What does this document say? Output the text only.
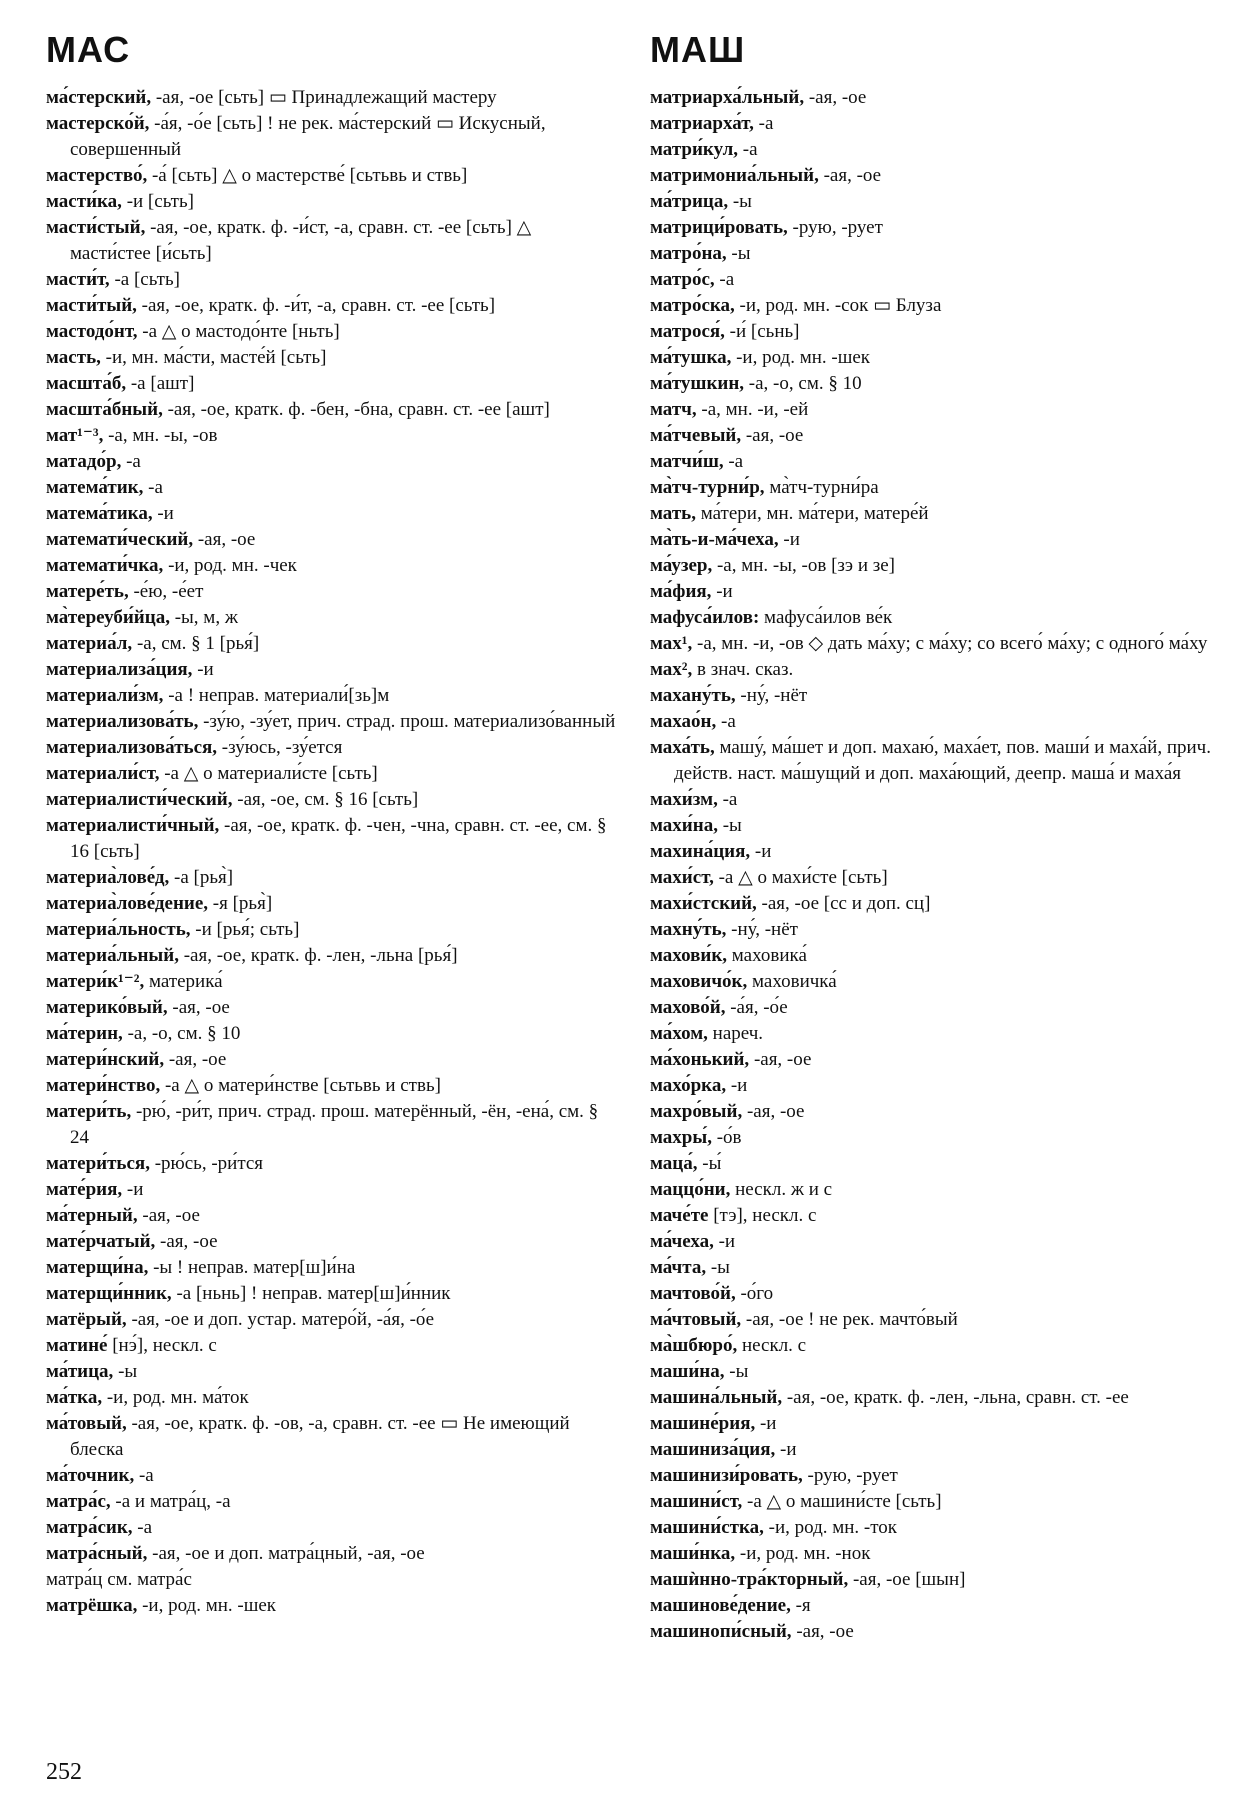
МАС

ма́стерский, -ая, -ое [сьть] ▭ Принадлежащий мастеру

мастерско́й, -а́я, -о́е [сьть] ! не рек. ма́стерский ▭ Искусный, совершенный

мастерство́, -а́ [сьть] △ о мастерстве́ [сьтьвь и ствь]

масти́ка, -и [сьть]

масти́стый, -ая, -ое, кратк. ф. -и́ст, -а, сравн. ст. -ее [сьть] △ масти́стее [и́сьть]

масти́т, -а [сьть]

масти́тый, -ая, -ое, кратк. ф. -и́т, -а, сравн. ст. -ее [сьть]

мастодо́нт, -а △ о мастодо́нте [ньть]

масть, -и, мн. ма́сти, масте́й [сьть]

масшта́б, -а [ашт]

масшта́бный, -ая, -ое, кратк. ф. -бен, -бна, сравн. ст. -ее [ашт]

мат¹⁻³, -а, мн. -ы, -ов

матадо́р, -а

матема́тик, -а

матема́тика, -и

математи́ческий, -ая, -ое

математи́чка, -и, род. мн. -чек

матере́ть, -е́ю, -е́ет

ма̀тереуби́йца, -ы, м, ж

материа́л, -а, см. § 1 [рья́]

материализа́ция, -и

материали́зм, -а ! неправ. материали́[зь]м

материализова́ть, -зу́ю, -зу́ет, прич. страд. прош. материализо́ванный

материализова́ться, -зу́юсь, -зу́ется

материали́ст, -а △ о материали́сте [сьть]

материалисти́ческий, -ая, -ое, см. § 16 [сьть]

материалисти́чный, -ая, -ое, кратк. ф. -чен, -чна, сравн. ст. -ее, см. § 16 [сьть]

материа̀лове́д, -а [рья̀]

материа̀лове́дение, -я [рья̀]

материа́льность, -и [рья́; сьть]

материа́льный, -ая, -ое, кратк. ф. -лен, -льна [рья́]

матери́к¹⁻², материка́

материко́вый, -ая, -ое

ма́терин, -а, -о, см. § 10

матери́нский, -ая, -ое

матери́нство, -а △ о матери́нстве [сьтьвь и ствь]

матери́ть, -рю́, -ри́т, прич. страд. прош. матерённый, -ён, -ена́, см. § 24

матери́ться, -рю́сь, -ри́тся

мате́рия, -и

ма́терный, -ая, -ое

мате́рчатый, -ая, -ое

матерщи́на, -ы ! неправ. матер[ш]и́на

матерщи́нник, -а [ньнь] ! неправ. матер[ш]и́нник

матёрый, -ая, -ое и доп. устар. матеро́й, -а́я, -о́е

матине́ [нэ́], нескл. с

ма́тица, -ы

ма́тка, -и, род. мн. ма́ток

ма́товый, -ая, -ое, кратк. ф. -ов, -а, сравн. ст. -ее ▭ Не имеющий блеска

ма́точник, -а

матра́с, -а и матра́ц, -а

матра́сик, -а

матра́сный, -ая, -ое и доп. матра́цный, -ая, -ое

матра́ц см. матра́с

матрёшка, -и, род. мн. -шек

МАШ

матриарха́льный, -ая, -ое

матриарха́т, -а

матри́кул, -а

матримониа́льный, -ая, -ое

ма́трица, -ы

матрици́ровать, -рую, -рует

матро́на, -ы

матро́с, -а

матро́ска, -и, род. мн. -сок ▭ Блуза

матрося́, -и́ [сьнь]

ма́тушка, -и, род. мн. -шек

ма́тушкин, -а, -о, см. § 10

матч, -а, мн. -и, -ей

ма́тчевый, -ая, -ое

матчи́ш, -а

ма̀тч-турни́р, ма̀тч-турни́ра

мать, ма́тери, мн. ма́тери, матере́й

ма̀ть-и-ма́чеха, -и

ма́узер, -а, мн. -ы, -ов [зэ и зе]

ма́фия, -и

мафуса́илов: мафуса́илов ве́к

мах¹, -а, мн. -и, -ов ◇ дать ма́ху; с ма́ху; со всего́ ма́ху; с одного́ ма́ху

мах², в знач. сказ.

махану́ть, -ну́, -нёт

махао́н, -а

маха́ть, машу́, ма́шет и доп. махаю́, маха́ет, пов. маши́ и маха́й, прич. действ. наст. ма́шущий и доп. маха́ющий, деепр. маша́ и маха́я

махи́зм, -а

махи́на, -ы

махина́ция, -и

махи́ст, -а △ о махи́сте [сьть]

махи́стский, -ая, -ое [сс и доп. сц]

махну́ть, -ну́, -нёт

махови́к, маховика́

маховичо́к, маховичка́

махово́й, -а́я, -о́е

ма́хом, нареч.

ма́хонький, -ая, -ое

махо́рка, -и

махро́вый, -ая, -ое

махры́, -о́в

маца́, -ы́

маццо́ни, нескл. ж и с

маче́те [тэ], нескл. с

ма́чеха, -и

ма́чта, -ы

мачтово́й, -о́го

ма́чтовый, -ая, -ое ! не рек. мачто́вый

ма̀шбюро́, нескл. с

маши́на, -ы

машина́льный, -ая, -ое, кратк. ф. -лен, -льна, сравн. ст. -ее

машине́рия, -и

машиниза́ция, -и

машинизи́ровать, -рую, -рует

машини́ст, -а △ о машини́сте [сьть]

машини́стка, -и, род. мн. -ток

маши́нка, -и, род. мн. -нок

машѝнно-тра́кторный, -ая, -ое [шын]

машинове́дение, -я

машинопи́сный, -ая, -ое

252
